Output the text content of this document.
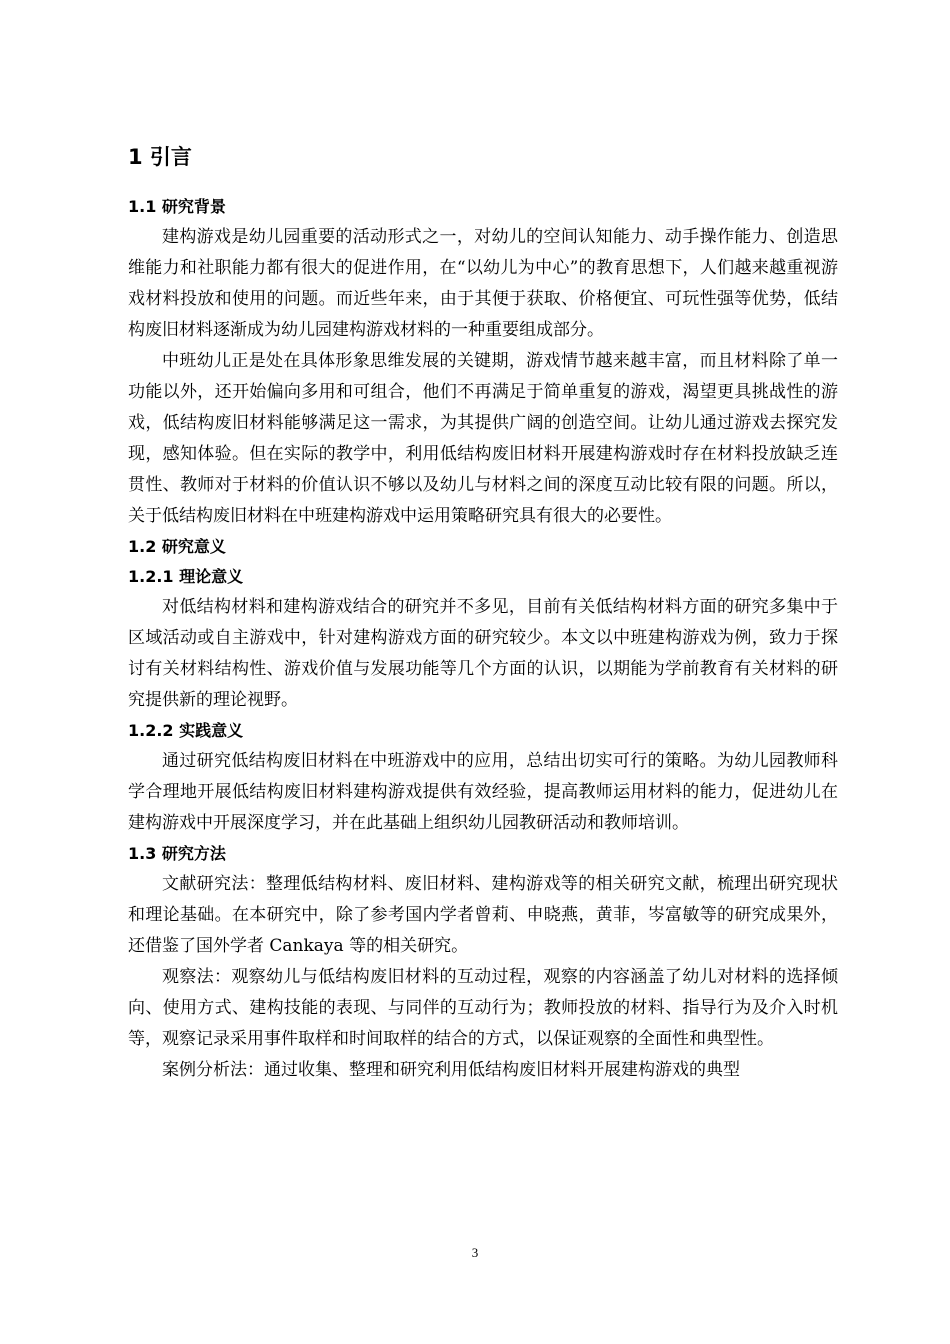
1 引言
1.1 研究背景

建构游戏是幼儿园重要的活动形式之一，对幼儿的空间认知能力、动手操作能力、创造思维能力和社职能力都有很大的促进作用，在“以幼儿为中心”的教育思想下，人们越来越重视游戏材料投放和使用的问题。而近些年来，由于其便于获取、价格便宜、可玩性强等优势，低结构废旧材料逐渐成为幼儿园建构游戏材料的一种重要组成部分。

中班幼儿正是处在具体形象思维发展的关键期，游戏情节越来越丰富，而且材料除了单一功能以外，还开始偏向多用和可组合，他们不再满足于简单重复的游戏，渴望更具挑战性的游戏，低结构废旧材料能够满足这一需求，为其提供广阔的创造空间。让幼儿通过游戏去探究发现，感知体验。但在实际的教学中，利用低结构废旧材料开展建构游戏时存在材料投放缺乏连贯性、教师对于材料的价值认识不够以及幼儿与材料之间的深度互动比较有限的问题。所以，关于低结构废旧材料在中班建构游戏中运用策略研究具有很大的必要性。

1.2 研究意义
1.2.1 理论意义

对低结构材料和建构游戏结合的研究并不多见，目前有关低结构材料方面的研究多集中于区域活动或自主游戏中，针对建构游戏方面的研究较少。本文以中班建构游戏为例，致力于探讨有关材料结构性、游戏价值与发展功能等几个方面的认识，以期能为学前教育有关材料的研究提供新的理论视野。

1.2.2 实践意义

通过研究低结构废旧材料在中班游戏中的应用，总结出切实可行的策略。为幼儿园教师科学合理地开展低结构废旧材料建构游戏提供有效经验，提高教师运用材料的能力，促进幼儿在建构游戏中开展深度学习，并在此基础上组织幼儿园教研活动和教师培训。

1.3 研究方法

文献研究法：整理低结构材料、废旧材料、建构游戏等的相关研究文献，梳理出研究现状和理论基础。在本研究中，除了参考国内学者曾莉、申晓燕，黄菲，岑富敏等的研究成果外，还借鉴了国外学者 Cankaya 等的相关研究。

观察法：观察幼儿与低结构废旧材料的互动过程，观察的内容涵盖了幼儿对材料的选择倾向、使用方式、建构技能的表现、与同伴的互动行为；教师投放的材料、指导行为及介入时机等，观察记录采用事件取样和时间取样的结合的方式，以保证观察的全面性和典型性。

案例分析法：通过收集、整理和研究利用低结构废旧材料开展建构游戏的典型

3
